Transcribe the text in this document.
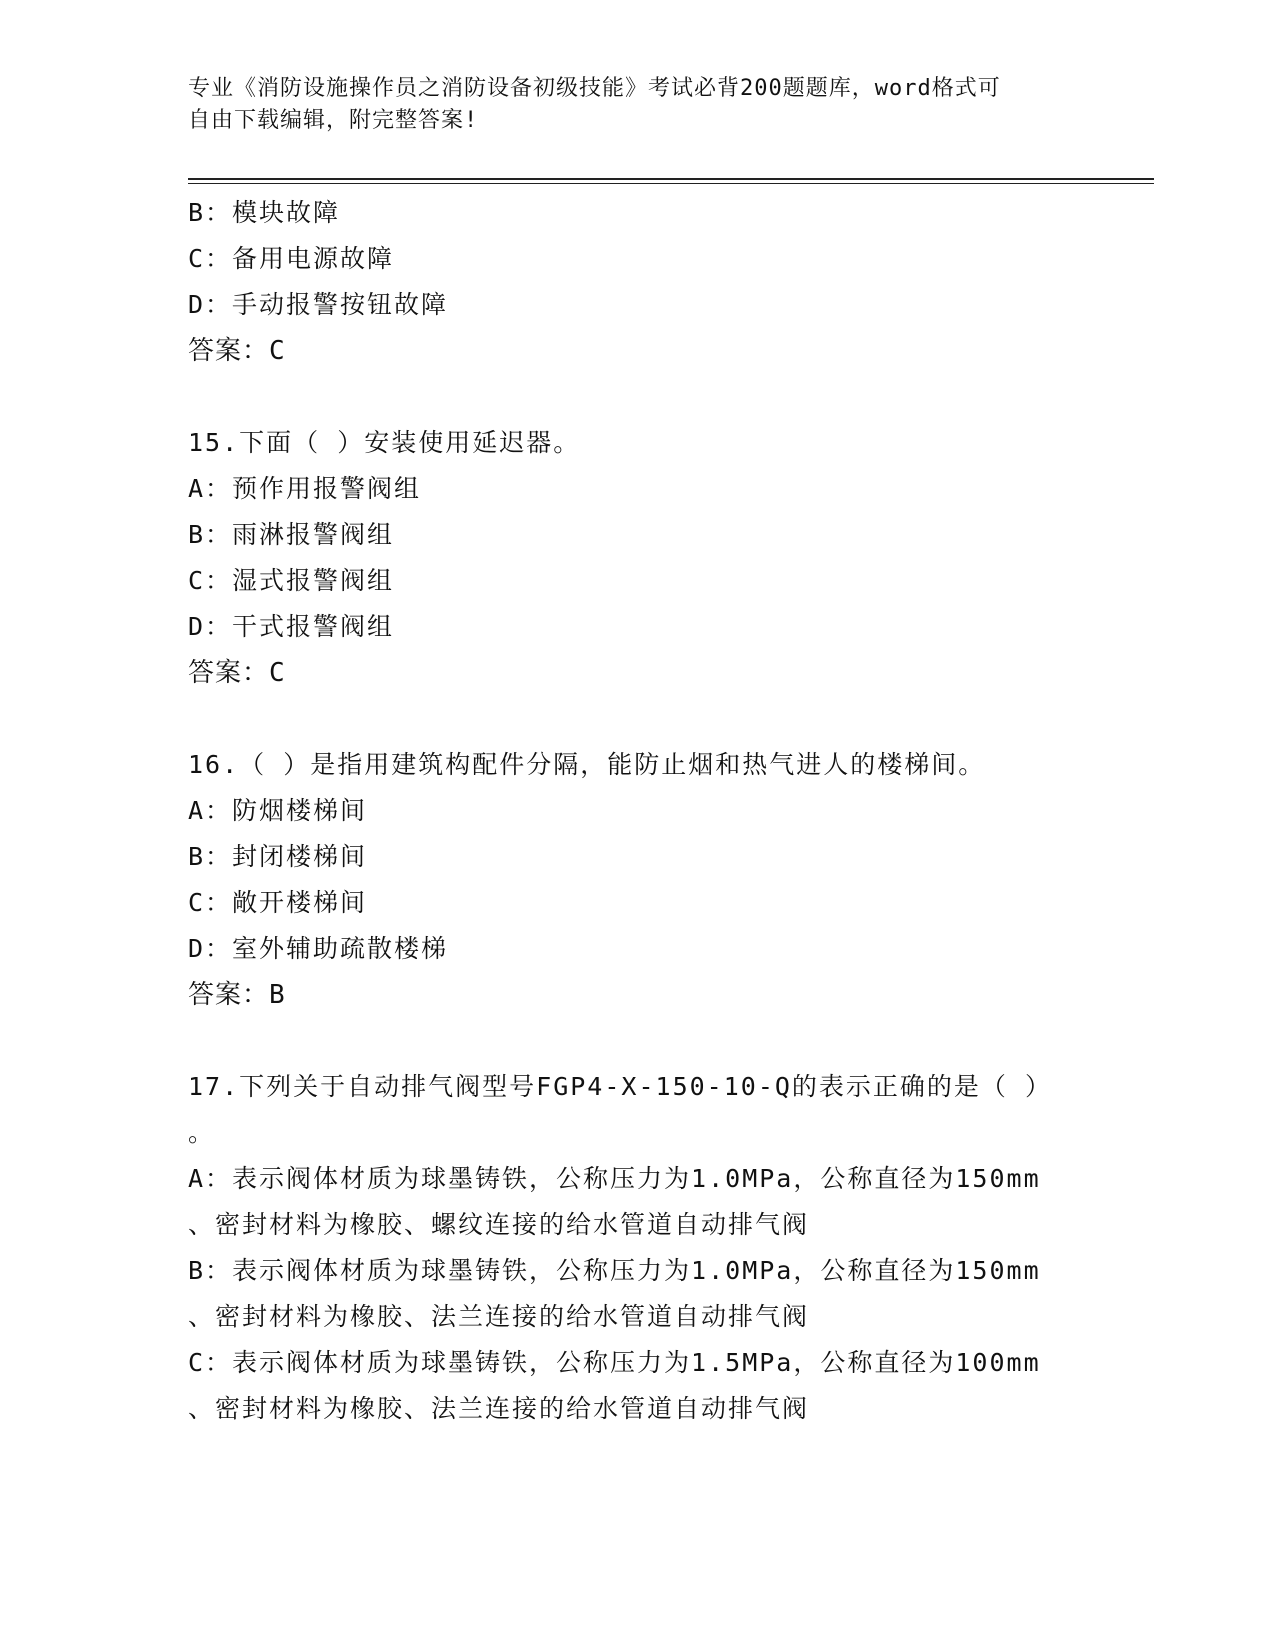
专业《消防设施操作员之消防设备初级技能》考试必背200题题库，word格式可
自由下载编辑，附完整答案!
B：模块故障
C：备用电源故障
D：手动报警按钮故障
答案：C
15.下面（ ）安装使用延迟器。
A：预作用报警阀组
B：雨淋报警阀组
C：湿式报警阀组
D：干式报警阀组
答案：C
16.（ ）是指用建筑构配件分隔，能防止烟和热气进人的楼梯间。
A：防烟楼梯间
B：封闭楼梯间
C：敞开楼梯间
D：室外辅助疏散楼梯
答案：B
17.下列关于自动排气阀型号FGP4-X-150-10-Q的表示正确的是（ ）
。
A：表示阀体材质为球墨铸铁，公称压力为1.0MPa，公称直径为150mm
、密封材料为橡胶、螺纹连接的给水管道自动排气阀
B：表示阀体材质为球墨铸铁，公称压力为1.0MPa，公称直径为150mm
、密封材料为橡胶、法兰连接的给水管道自动排气阀
C：表示阀体材质为球墨铸铁，公称压力为1.5MPa，公称直径为100mm
、密封材料为橡胶、法兰连接的给水管道自动排气阀
